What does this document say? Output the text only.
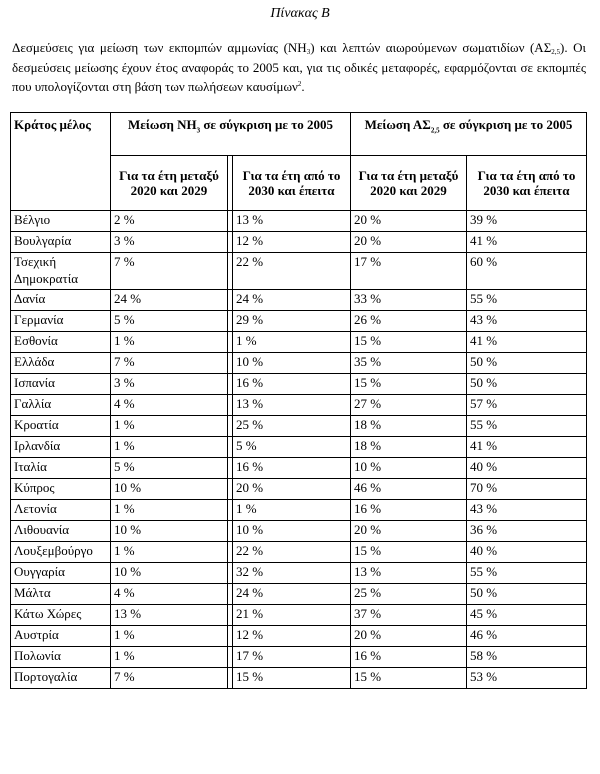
Πίνακας Β
Δεσμεύσεις για μείωση των εκπομπών αμμωνίας $(NH_3)$ και λεπτών αιωρούμενων σωματιδίων $(A\Sigma_{2,5})$. Οι δεσμεύσεις μείωσης έχουν έτος αναφοράς το 2005 και, για τις οδικές μεταφορές, εφαρμόζονται σε εκπομπές που υπολογίζονται στη βάση των πωλήσεων καυσίμων$^2$.
Κράτος μέλος	Μείωση $NH_3$ σε σύγκριση με το 2005			Μείωση $A\Sigma_{2,5}$ σε σύγκριση με το 2005	
	Για τα έτη μεταξύ 2020 και 2029		Για τα έτη από το 2030 και έπειτα	Για τα έτη μεταξύ 2020 και 2029	Για τα έτη από το 2030 και έπειτα
Βέλγιο	2 %		13 %	20 %	39 %
Βουλγαρία	3 %		12 %	20 %	41 %
Τσεχική Δημοκρατία	7 %		22 %	17 %	60 %
Δανία	24 %		24 %	33 %	55 %
Γερμανία	5 %		29 %	26 %	43 %
Εσθονία	1 %		1 %	15 %	41 %
Ελλάδα	7 %		10 %	35 %	50 %
Ισπανία	3 %		16 %	15 %	50 %
Γαλλία	4 %		13 %	27 %	57 %
Κροατία	1 %		25 %	18 %	55 %
Ιρλανδία	1 %		5 %	18 %	41 %
Ιταλία	5 %		16 %	10 %	40 %
Κύπρος	10 %		20 %	46 %	70 %
Λετονία	1 %		1 %	16 %	43 %
Λιθουανία	10 %		10 %	20 %	36 %
Λουξεμβούργο	1 %		22 %	15 %	40 %
Ουγγαρία	10 %		32 %	13 %	55 %
Μάλτα	4 %		24 %	25 %	50 %
Κάτω Χώρες	13 %		21 %	37 %	45 %
Αυστρία	1 %		12 %	20 %	46 %
Πολωνία	1 %		17 %	16 %	58 %
Πορτογαλία	7 %		15 %	15 %	53 %
